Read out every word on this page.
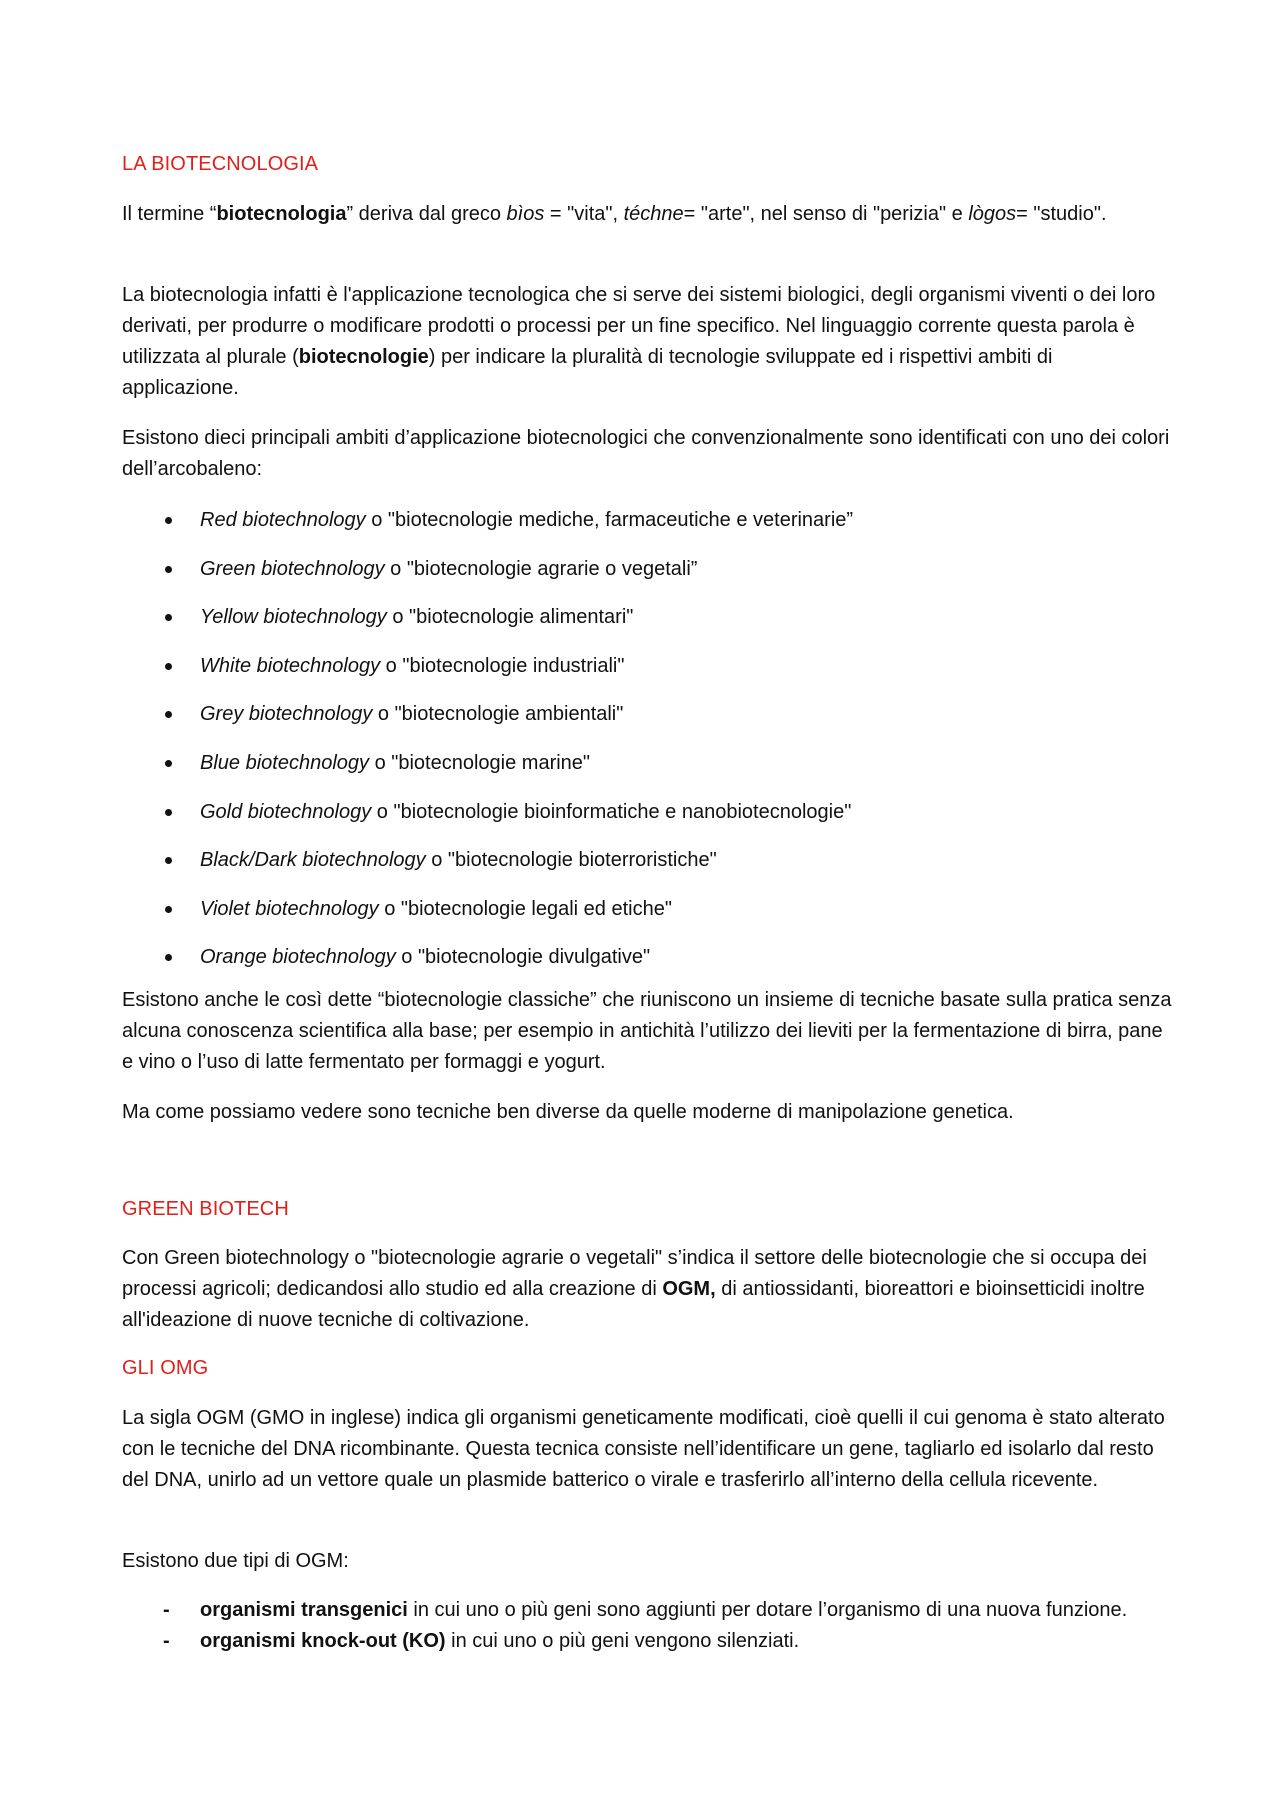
LA BIOTECNOLOGIA

Il termine “biotecnologia” deriva dal greco bìos = "vita", téchne= "arte", nel senso di "perizia" e lògos= "studio".

La biotecnologia infatti è l'applicazione tecnologica che si serve dei sistemi biologici, degli organismi viventi o dei loro derivati, per produrre o modificare prodotti o processi per un fine specifico. Nel linguaggio corrente questa parola è utilizzata al plurale (biotecnologie) per indicare la pluralità di tecnologie sviluppate ed i rispettivi ambiti di applicazione.

Esistono dieci principali ambiti d’applicazione biotecnologici che convenzionalmente sono identificati con uno dei colori dell’arcobaleno:

Red biotechnology o "biotecnologie mediche, farmaceutiche e veterinarie”
Green biotechnology o "biotecnologie agrarie o vegetali”
Yellow biotechnology o "biotecnologie alimentari"
White biotechnology o "biotecnologie industriali"
Grey biotechnology o "biotecnologie ambientali"
Blue biotechnology o "biotecnologie marine"
Gold biotechnology o "biotecnologie bioinformatiche e nanobiotecnologie"
Black/Dark biotechnology o "biotecnologie bioterroristiche"
Violet biotechnology o "biotecnologie legali ed etiche"
Orange biotechnology o "biotecnologie divulgative"

Esistono anche le così dette “biotecnologie classiche” che riuniscono un insieme di tecniche basate sulla pratica senza alcuna conoscenza scientifica alla base; per esempio in antichità l’utilizzo dei lieviti per la fermentazione di birra, pane e vino o l’uso di latte fermentato per formaggi e yogurt.

Ma come possiamo vedere sono tecniche ben diverse da quelle moderne di manipolazione genetica.

GREEN BIOTECH

Con Green biotechnology o "biotecnologie agrarie o vegetali" s’indica il settore delle biotecnologie che si occupa dei processi agricoli; dedicandosi allo studio ed alla creazione di OGM, di antiossidanti, bioreattori e bioinsetticidi inoltre all'ideazione di nuove tecniche di coltivazione.

GLI OMG

La sigla OGM (GMO in inglese) indica gli organismi geneticamente modificati, cioè quelli il cui genoma è stato alterato con le tecniche del DNA ricombinante. Questa tecnica consiste nell’identificare un gene, tagliarlo ed isolarlo dal resto del DNA, unirlo ad un vettore quale un plasmide batterico o virale e trasferirlo all’interno della cellula ricevente.

Esistono due tipi di OGM:

- organismi transgenici in cui uno o più geni sono aggiunti per dotare l’organismo di una nuova funzione.
- organismi knock-out (KO) in cui uno o più geni vengono silenziati.
